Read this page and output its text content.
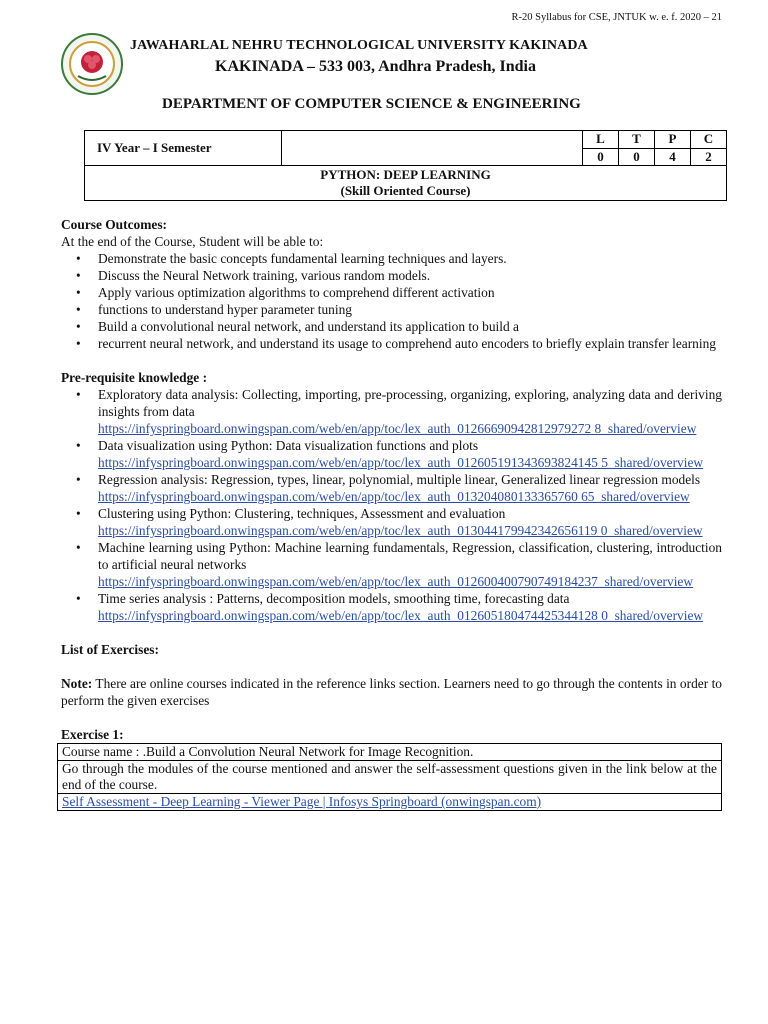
R-20 Syllabus for CSE, JNTUK w. e. f. 2020 – 21
JAWAHARLAL NEHRU TECHNOLOGICAL UNIVERSITY KAKINADA
KAKINADA – 533 003, Andhra Pradesh, India
DEPARTMENT OF COMPUTER SCIENCE & ENGINEERING
IV Year – I Semester		L	T	P	C
		0	0	4	2

PYTHON: DEEP LEARNING
(Skill Oriented Course)					
Course Outcomes:
At the end of the Course, Student will be able to:
• Demonstrate the basic concepts fundamental learning techniques and layers.
• Discuss the Neural Network training, various random models.
• Apply various optimization algorithms to comprehend different activation
• functions to understand hyper parameter tuning
• Build a convolutional neural network, and understand its application to build a
• recurrent neural network, and understand its usage to comprehend auto encoders to briefly explain transfer learning
Pre-requisite knowledge :
• Exploratory data analysis: Collecting, importing, pre-processing, organizing, exploring, analyzing data and deriving insights from data
https://infyspringboard.onwingspan.com/web/en/app/toc/lex_auth_01266690942812979272 8_shared/overview
• Data visualization using Python: Data visualization functions and plots
https://infyspringboard.onwingspan.com/web/en/app/toc/lex_auth_012605191343693824145 5_shared/overview
• Regression analysis: Regression, types, linear, polynomial, multiple linear, Generalized linear regression models
https://infyspringboard.onwingspan.com/web/en/app/toc/lex_auth_013204080133365760 65_shared/overview
• Clustering using Python: Clustering, techniques, Assessment and evaluation
https://infyspringboard.onwingspan.com/web/en/app/toc/lex_auth_013044179942342656119 0_shared/overview
• Machine learning using Python: Machine learning fundamentals, Regression, classification, clustering, introduction to artificial neural networks
https://infyspringboard.onwingspan.com/web/en/app/toc/lex_auth_012600400790749184237_shared/overview
• Time series analysis : Patterns, decomposition models, smoothing time, forecasting data
https://infyspringboard.onwingspan.com/web/en/app/toc/lex_auth_012605180474425344128 0_shared/overview
List of Exercises:
Note: There are online courses indicated in the reference links section. Learners need to go through the contents in order to perform the given exercises
Exercise 1:
Course name : .Build a Convolution Neural Network for Image Recognition.
Go through the modules of the course mentioned and answer the self-assessment questions given in the link below at the end of the course.
Self Assessment - Deep Learning - Viewer Page | Infosys Springboard (onwingspan.com)
